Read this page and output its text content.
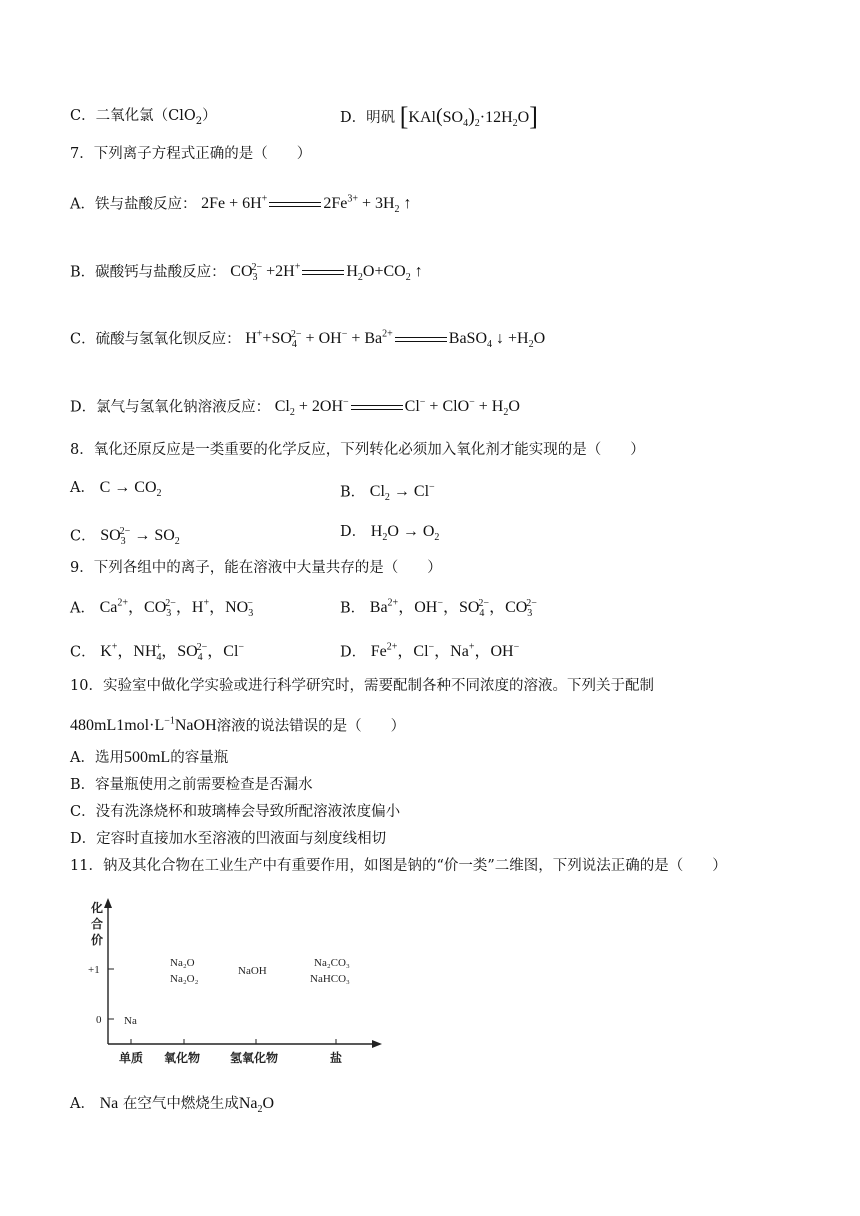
C．二氧化氯（ClO$_2$）	D．明矾 $[KAl(SO_4)_2\cdot 12H_2O]$
7．下列离子方程式正确的是（　　）
A．铁与盐酸反应： 2Fe + 6H+	$2Fe^{3+} + 3H_2$ ↑
B．碳酸钙与盐酸反应： $CO_3^{2-} +2H^+$	$H_2O+CO_2$ ↑
C．硫酸与氢氧化钡反应： $H^++SO_4^{2-} + OH^- + Ba^{2+}$	BaSO$_4$ ↓ $+H_2O$
D．氯气与氢氧化钠溶液反应： $Cl_2 + 2OH^-$	$Cl^- + ClO^- + H_2O$
8．氧化还原反应是一类重要的化学反应，下列转化必须加入氧化剂才能实现的是（　　）
A． $C \to CO_2$	B． $Cl_2 \to Cl^-$
C． $SO_3^{2-} \to SO_2$
D． $H_2O \to O_2$
9．下列各组中的离子，能在溶液中大量共存的是（　　）
A． $Ca^{2+}$，$CO_3^{2-}$，H+，$NO_3^-$	B． $Ba^{2+}$，OH−，$SO_4^{2-}$，$CO_3^{2-}$
C． K+，$NH_4^+$，$SO_4^{2-}$，Cl−	D． $Fe^{2+}$，Cl−，Na+，OH−
10．实验室中做化学实验或进行科学研究时，需要配制各种不同浓度的溶液。下列关于配制
$480mL1mol\cdot L^{-1}NaOH$溶液的说法错误的是（　　）
A．选用500mL的容量瓶
B．容量瓶使用之前需要检查是否漏水
C．没有洗涤烧杯和玻璃棒会导致所配溶液浓度偏小
D．定容时直接加水至溶液的凹液面与刻度线相切
11．钠及其化合物在工业生产中有重要作用，如图是钠的“价一类”二维图，下列说法正确的是（　　）
化
合
价
+1
0
单质 氧化物 氢氧化物	盐
Na
Na₂O
Na₂O₂
NaOH
Na₂CO₃
NaHCO₃
A． Na 在空气中燃烧生成$Na_2O$
